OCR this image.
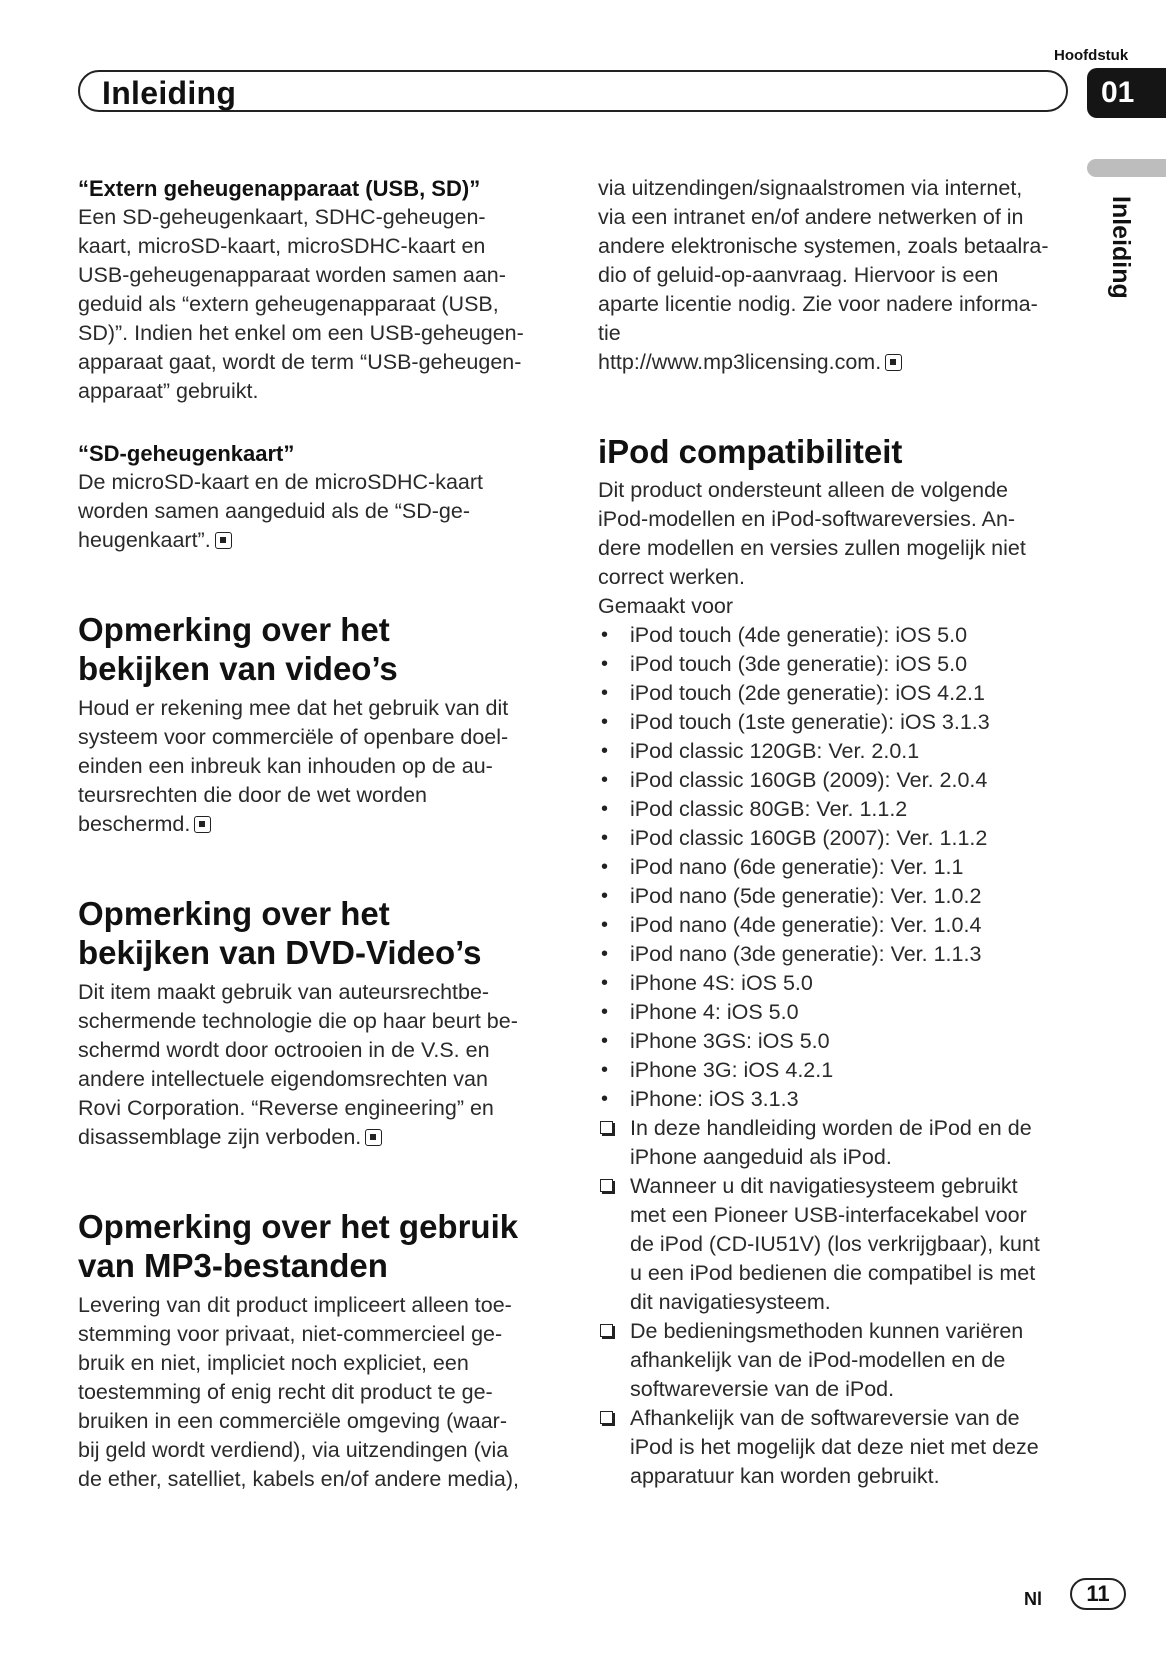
Hoofdstuk
Inleiding	01
Inleiding

“Extern geheugenapparaat (USB, SD)”

Een SD-geheugenkaart, SDHC-geheugen-
kaart, microSD-kaart, microSDHC-kaart en
USB-geheugenapparaat worden samen aan-
geduid als “extern geheugenapparaat (USB,
SD)”. Indien het enkel om een USB-geheugen-
apparaat gaat, wordt de term “USB-geheugen-
apparaat” gebruikt.

“SD-geheugenkaart”

De microSD-kaart en de microSDHC-kaart
worden samen aangeduid als de “SD-ge-
heugenkaart”.

Opmerking over het
bekijken van video’s

Houd er rekening mee dat het gebruik van dit
systeem voor commerciële of openbare doel-
einden een inbreuk kan inhouden op de au-
teursrechten die door de wet worden
beschermd.

Opmerking over het
bekijken van DVD-Video’s

Dit item maakt gebruik van auteursrechtbe-
schermende technologie die op haar beurt be-
schermd wordt door octrooien in de V.S. en
andere intellectuele eigendomsrechten van
Rovi Corporation. “Reverse engineering” en
disassemblage zijn verboden.

Opmerking over het gebruik
van MP3-bestanden

Levering van dit product impliceert alleen toe-
stemming voor privaat, niet-commercieel ge-
bruik en niet, impliciet noch expliciet, een
toestemming of enig recht dit product te ge-
bruiken in een commerciële omgeving (waar-
bij geld wordt verdiend), via uitzendingen (via
de ether, satelliet, kabels en/of andere media),

via uitzendingen/signaalstromen via internet,
via een intranet en/of andere netwerken of in
andere elektronische systemen, zoals betaalra-
dio of geluid-op-aanvraag. Hiervoor is een
aparte licentie nodig. Zie voor nadere informa-
tie
http://www.mp3licensing.com.

iPod compatibiliteit

Dit product ondersteunt alleen de volgende
iPod-modellen en iPod-softwareversies. An-
dere modellen en versies zullen mogelijk niet
correct werken.
Gemaakt voor

• iPod touch (4de generatie): iOS 5.0
• iPod touch (3de generatie): iOS 5.0
• iPod touch (2de generatie): iOS 4.2.1
• iPod touch (1ste generatie): iOS 3.1.3
• iPod classic 120GB: Ver. 2.0.1
• iPod classic 160GB (2009): Ver. 2.0.4
• iPod classic 80GB: Ver. 1.1.2
• iPod classic 160GB (2007): Ver. 1.1.2
• iPod nano (6de generatie): Ver. 1.1
• iPod nano (5de generatie): Ver. 1.0.2
• iPod nano (4de generatie): Ver. 1.0.4
• iPod nano (3de generatie): Ver. 1.1.3
• iPhone 4S: iOS 5.0
• iPhone 4: iOS 5.0
• iPhone 3GS: iOS 5.0
• iPhone 3G: iOS 4.2.1
• iPhone: iOS 3.1.3
In deze handleiding worden de iPod en de
iPhone aangeduid als iPod.
Wanneer u dit navigatiesysteem gebruikt
met een Pioneer USB-interfacekabel voor
de iPod (CD-IU51V) (los verkrijgbaar), kunt
u een iPod bedienen die compatibel is met
dit navigatiesysteem.
De bedieningsmethoden kunnen variëren
afhankelijk van de iPod-modellen en de
softwareversie van de iPod.
Afhankelijk van de softwareversie van de
iPod is het mogelijk dat deze niet met deze
apparatuur kan worden gebruikt.
Nl	11
